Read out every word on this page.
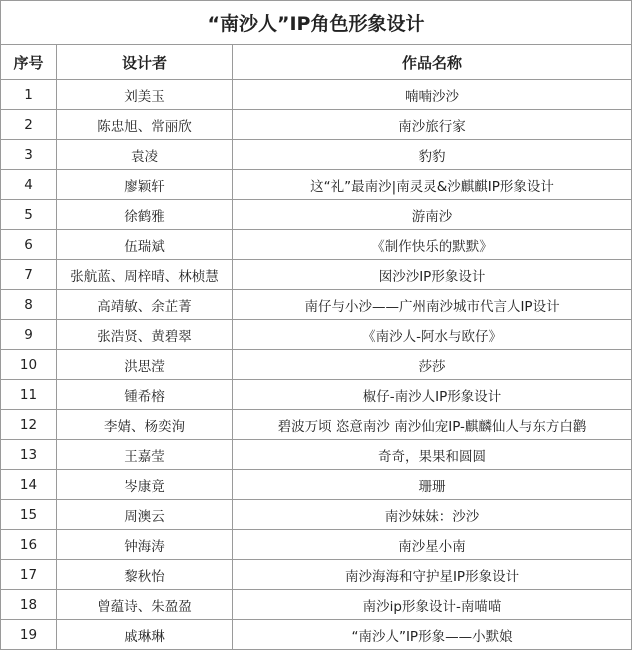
“南沙人”IP角色形象设计		
序号	设计者	作品名称
1	刘美玉	喃喃沙沙
2	陈忠旭、常丽欣	南沙旅行家
3	袁凌	豹豹
4	廖颖轩	这“礼”最南沙|南灵灵&沙麒麒IP形象设计
5	徐鹤雅	游南沙
6	伍瑞斌	《制作快乐的默默》
7	张航蓝、周梓晴、林桢慧	囡沙沙IP形象设计
8	高靖敏、余芷菁	南仔与小沙——广州南沙城市代言人IP设计
9	张浩贤、黄碧翠	《南沙人-阿水与欧仔》
10	洪思滢	莎莎
11	锺希榕	椒仔-南沙人IP形象设计
12	李婧、杨奕洵	碧波万顷 恣意南沙 南沙仙宠IP-麒麟仙人与东方白鹳
13	王嘉莹	奇奇，果果和圆圆
14	岑康竟	珊珊
15	周澳云	南沙妹妹：沙沙
16	钟海涛	南沙星小南
17	黎秋怡	南沙海海和守护星IP形象设计
18	曾蕴诗、朱盈盈	南沙ip形象设计-南喵喵
19	戚琳琳	“南沙人”IP形象——小默娘
